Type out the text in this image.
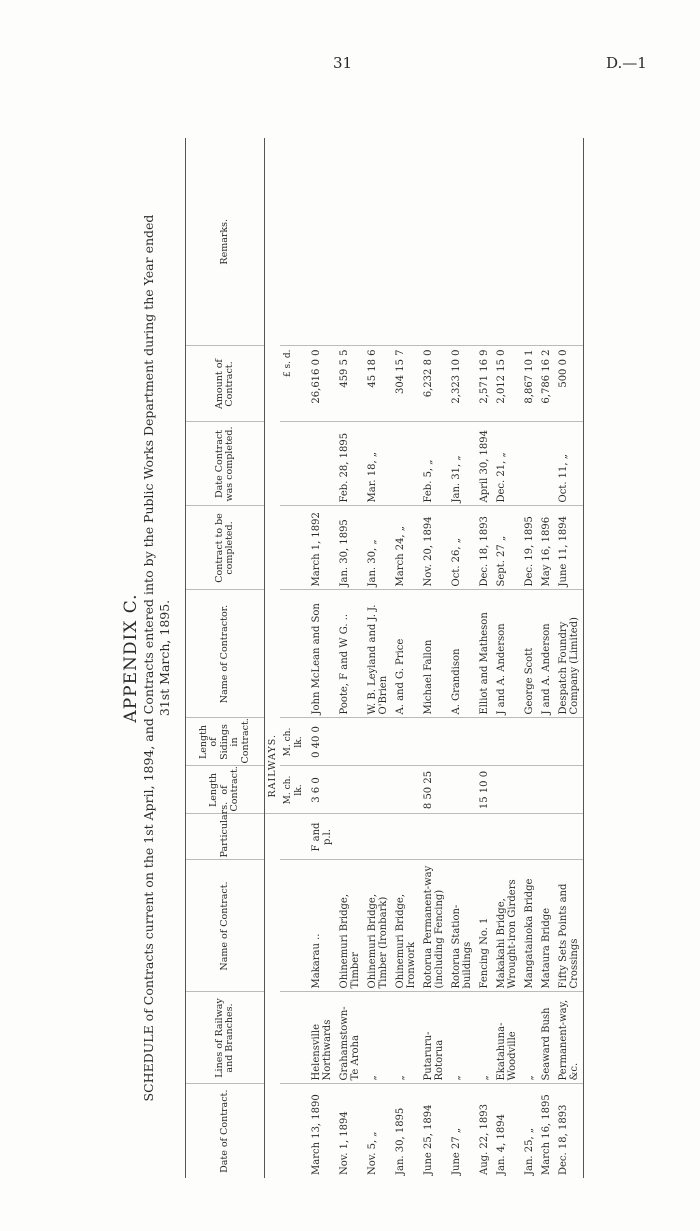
31	D.—1
APPENDIX C. SCHEDULE of Contracts current on the 1st April, 1894, and Contracts entered into by the Public Works Department during the Year ended 31st March, 1895.
Date of Contract.	Lines of Railway and Branches.	Name of Contract.	Particulars.	Length of Contract.	Length of Sidings in Contract.	Name of Contractor.	Contract to be completed.	Date Contract was completed.	Amount of Contract.	Remarks.
				RAILWAYS.						
				M. ch. lk.	M. ch. lk.				£ s. d.	
March 13, 1890	Helensville Northwards	Makarau ..	F and p.l.	3 6 0	0 40 0	John McLean and Son	March 1, 1892		26,616 0 0	
Nov. 1, 1894	Grahamstown-Te Aroha	Ohinemuri Bridge, Timber				Poote, F and W G. ..	Jan. 30, 1895	Feb. 28, 1895	459 5 5	
Nov. 5, „	„	Ohinemuri Bridge, Timber (Ironbark)				W. B. Leyland and J. J. O'Brien	Jan. 30, „	Mar. 18, „	45 18 6	
Jan. 30, 1895	„	Ohinemuri Bridge, Ironwork				A. and G. Price	March 24, „		304 15 7	
June 25, 1894	Putaruru-Rotorua	Rotorua Permanent-way (including Fencing)		8 50 25		Michael Fallon	Nov. 20, 1894	Feb. 5, „	6,232 8 0	
June 27 „	„	Rotorua Station-buildings				A. Grandison	Oct. 26, „	Jan. 31, „	2,323 10 0	
Aug. 22, 1893	„	Fencing No. 1		15 10 0		Elliot and Matheson	Dec. 18, 1893	April 30, 1894	2,571 16 9	
Jan. 4, 1894	Ekatahuna-Woodville	Makakahi Bridge, Wrought-iron Girders				J and A. Anderson	Sept. 27 „	Dec. 21, „	2,012 15 0	
Jan. 25, „	„	Mangatainoka Bridge				George Scott	Dec. 19, 1895		8,867 10 1	
March 16, 1895	Seaward Bush	Mataura Bridge				J and A. Anderson	May 16, 1896		6,786 16 2	
Dec. 18, 1893	Permanent-way, &c.	Fifty Sets Points and Crossings				Despatch Foundry Company (Limited)	June 11, 1894	Oct. 11, „	500 0 0	
